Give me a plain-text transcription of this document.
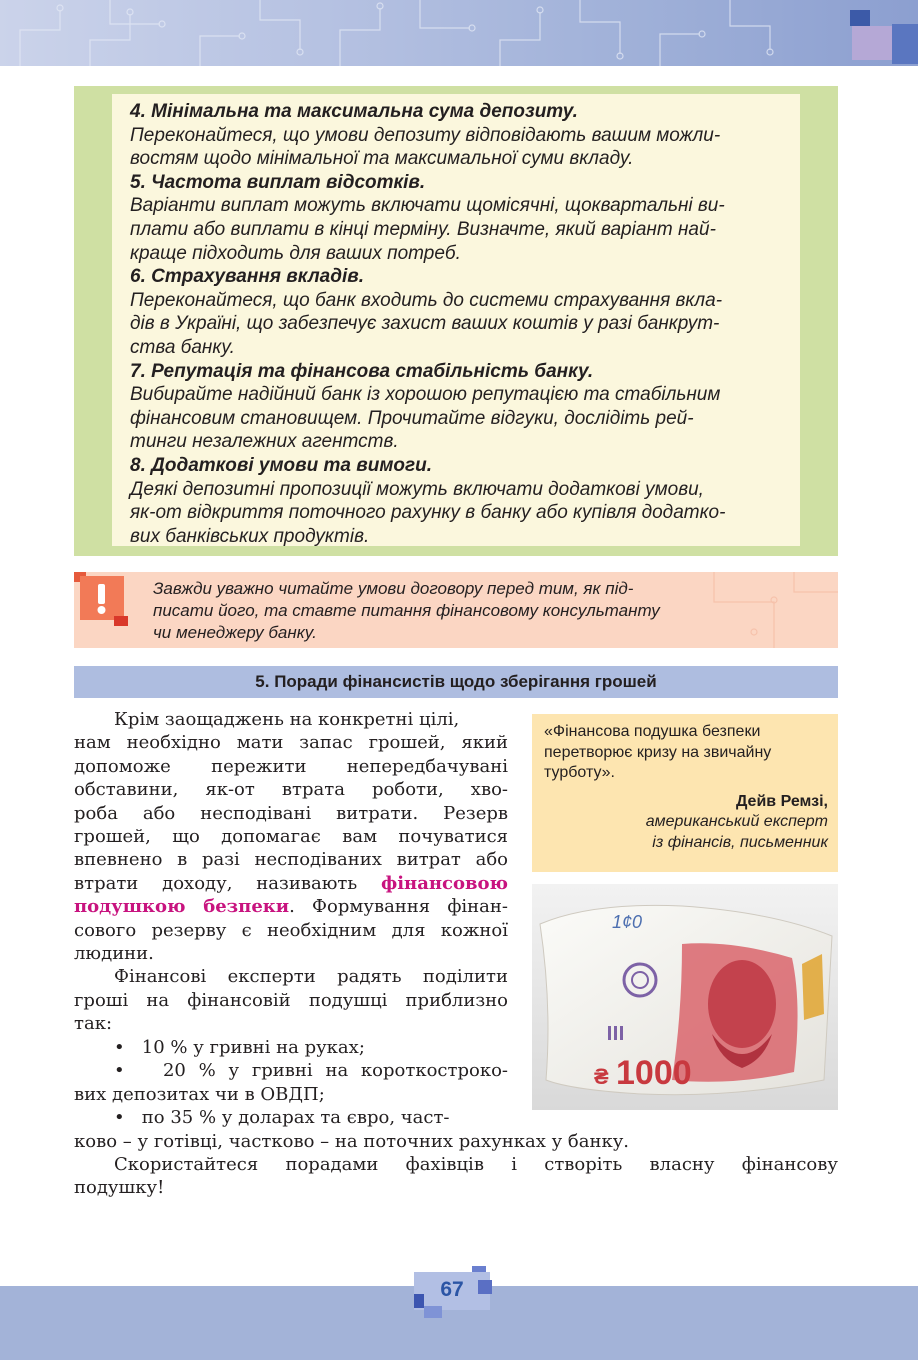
4. Мінімальна та максимальна сума депозиту.
Переконайтеся, що умови депозиту відповідають вашим можли-
востям щодо мінімальної та максимальної суми вкладу.
5. Частота виплат відсотків.
Варіанти виплат можуть включати щомісячні, щоквартальні ви-
плати або виплати в кінці терміну. Визначте, який варіант най-
краще підходить для ваших потреб.
6. Страхування вкладів.
Переконайтеся, що банк входить до системи страхування вкла-
дів в Україні, що забезпечує захист ваших коштів у разі банкрут-
ства банку.
7. Репутація та фінансова стабільність банку.
Вибирайте надійний банк із хорошою репутацією та стабільним
фінансовим становищем. Прочитайте відгуки, дослідіть рей-
тинги незалежних агентств.
8. Додаткові умови та вимоги.
Деякі депозитні пропозиції можуть включати додаткові умови,
як-от відкриття поточного рахунку в банку або купівля додатко-
вих банківських продуктів.
Завжди уважно читайте умови договору перед тим, як під-
писати його, та ставте питання фінансовому консультанту
чи менеджеру банку.
5. Поради фінансистів щодо зберігання грошей
Крім заощаджень на конкретні цілі,
нам необхідно мати запас грошей, який
допоможе пережити непередбачувані
обставини, як-от втрата роботи, хво-
роба або несподівані витрати. Резерв
грошей, що допомагає вам почуватися
впевнено в разі несподіваних витрат або
втрати доходу, називають фінансовою
подушкою безпеки. Формування фінан-
сового резерву є необхідним для кожної
людини.
Фінансові експерти радять поділити
гроші на фінансовій подушці приблизно
так:
• 10 % у гривні на руках;
• 20 % у гривні на короткостроко-
вих депозитах чи в ОВДП;
• по 35 % у доларах та євро, част-
ково – у готівці, частково – на поточних рахунках у банку.
Скористайтеся порадами фахівців і створіть власну фінансову
подушку!
«Фінансова подушка безпеки
перетворює кризу на звичайну
турботу».
Дейв Ремзі,
американський експерт
із фінансів, письменник
1¢0
1000
₴
67
